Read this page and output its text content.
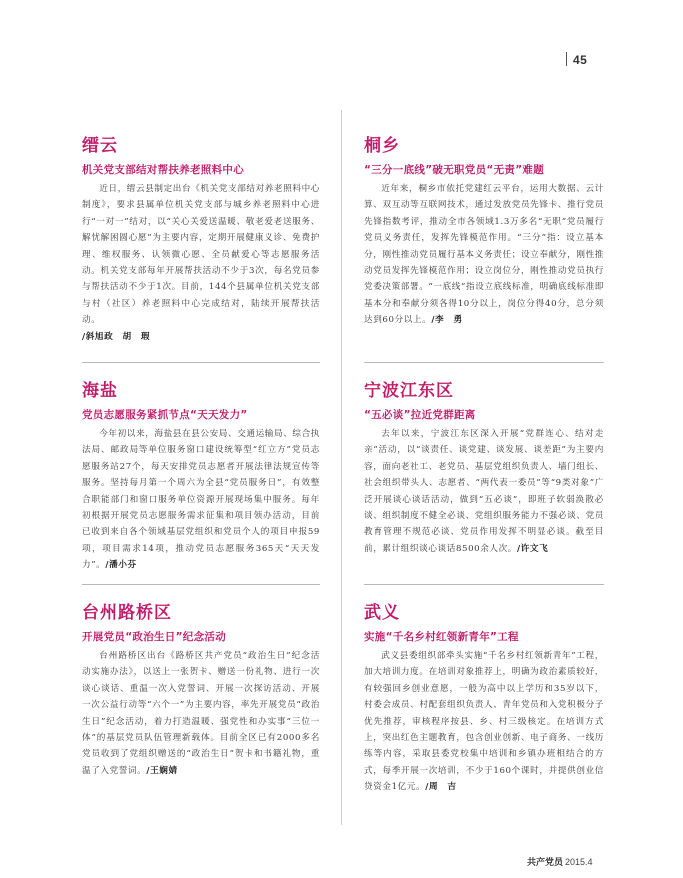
45
缙云
机关党支部结对帮扶养老照料中心

近日，缙云县制定出台《机关党支部结对养老照料中心制度》，要求县属单位机关党支部与城乡养老照料中心进行“一对一”结对，以“关心关爱送温暖、敬老爱老送服务、解忧解困圆心愿”为主要内容，定期开展健康义诊、免费护理、维权服务、认领微心愿、全员献爱心等志愿服务活动。机关党支部每年开展帮扶活动不少于3次，每名党员参与帮扶活动不少于1次。目前，144个县属单位机关党支部与村（社区）养老照料中心完成结对，陆续开展帮扶活动。
/斜旭政　胡　瑕

海盐
党员志愿服务紧抓节点“天天发力”

今年初以来，海盐县在县公安局、交通运输局、综合执法局、邮政局等单位服务窗口建设统筹型“红立方”党员志愿服务站27个，每天安排党员志愿者开展法律法规宣传等服务。坚持每月第一个周六为全县“党员服务日”，有效整合职能部门和窗口服务单位资源开展现场集中服务。每年初根据开展党员志愿服务需求征集和项目领办活动，目前已收到来自各个领域基层党组织和党员个人的项目申报59项，项目需求14项，推动党员志愿服务365天“天天发力”。/潘小芬

台州路桥区
开展党员“政治生日”纪念活动

台州路桥区出台《路桥区共产党员“政治生日”纪念活动实施办法》，以送上一张贺卡、赠送一份礼物、进行一次谈心谈话、重温一次入党誓词、开展一次探访活动、开展一次公益行动等“六个一”为主要内容，率先开展党员“政治生日”纪念活动，着力打造温暖、强党性和办实事“三位一体”的基层党员队伍管理新载体。目前全区已有2000多名党员收到了党组织赠送的“政治生日”贺卡和书籍礼物，重温了入党誓词。/王娴婧

桐乡
“三分一底线”破无职党员“无责”难题

近年来，桐乡市依托党建红云平台，运用大数据、云计算、双互动等互联网技术，通过发放党员先锋卡、推行党员先锋指数考评，推动全市各领域1.3万多名“无职”党员履行党员义务责任，发挥先锋模范作用。“三分”指：设立基本分，刚性推动党员履行基本义务责任；设立奉献分，刚性推动党员发挥先锋模范作用；设立岗位分，刚性推动党员执行党委决策部署。“一底线”指设立底线标准，明确底线标准即基本分和奉献分须各得10分以上，岗位分得40分，总分须达到60分以上。/李　勇

宁波江东区
“五必谈”拉近党群距离

去年以来，宁波江东区深入开展“党群连心、结对走亲”活动，以“谈责任、谈党建、谈发展、谈差距”为主要内容，面向老社工、老党员、基层党组织负责人、墙门组长、社会组织带头人、志愿者、“两代表一委员”等“9类对象”广泛开展谈心谈话活动，做到“五必谈”，即班子软弱涣散必谈、组织制度不健全必谈、党组织服务能力不强必谈、党员教育管理不规范必谈、党员作用发挥不明显必谈。截至目前，累计组织谈心谈话8500余人次。/许文飞

武义
实施“千名乡村红领新青年”工程

武义县委组织部牵头实施“千名乡村红领新青年”工程，加大培训力度。在培训对象推荐上，明确为政治素质较好，有较强回乡创业意愿，一般为高中以上学历和35岁以下，村委会成员、村配套组织负责人、青年党员和入党积极分子优先推荐，审核程序按县、乡、村三级核定。在培训方式上，突出红色主题教育，包含创业创新、电子商务、一线历练等内容，采取县委党校集中培训和乡镇办班相结合的方式，每季开展一次培训，不少于160个课时，并提供创业信贷资金1亿元。/周　吉

共产党员 2015.4
